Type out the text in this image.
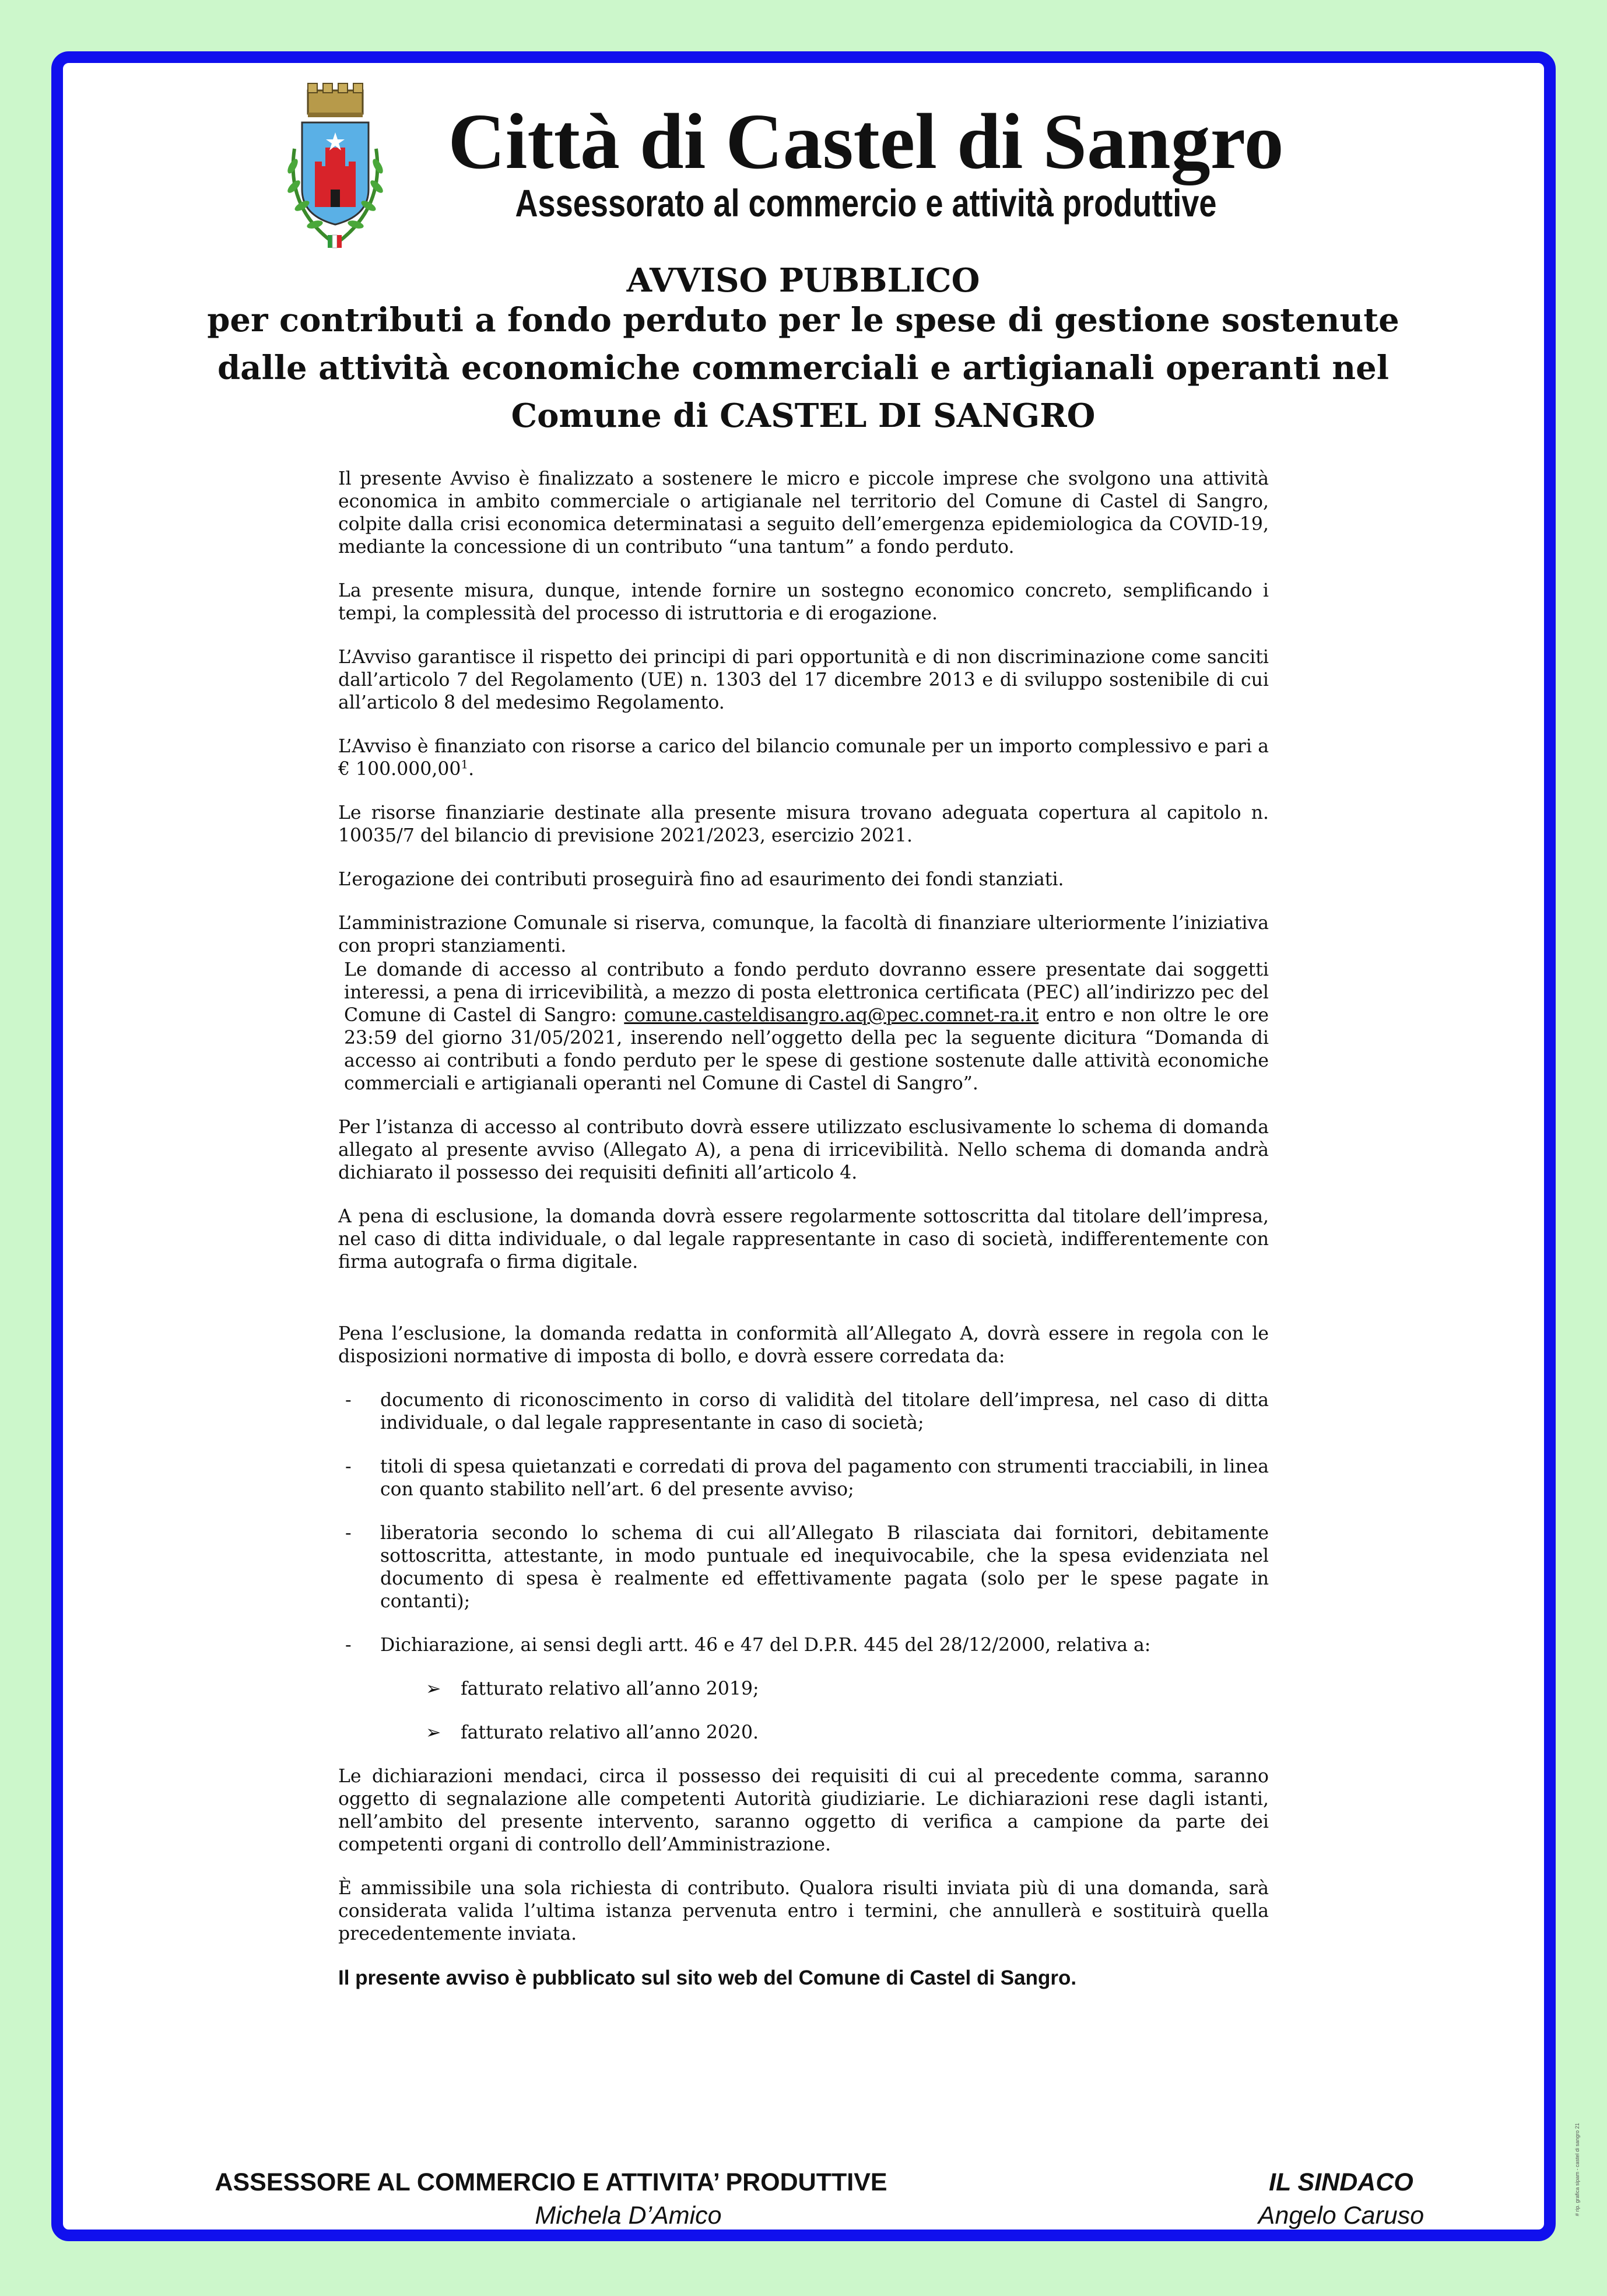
Città di Castel di Sangro
Assessorato al commercio e attività produttive
AVVISO PUBBLICO
per contributi a fondo perduto per le spese di gestione sostenute
dalle attività economiche commerciali e artigianali operanti nel
Comune di CASTEL DI SANGRO

Il presente Avviso è finalizzato a sostenere le micro e piccole imprese che svolgono una attività economica in ambito commerciale o artigianale nel territorio del Comune di Castel di Sangro, colpite dalla crisi economica determinatasi a seguito dell’emergenza epidemiologica da COVID-19, mediante la concessione di un contributo “una tantum” a fondo perduto.

La presente misura, dunque, intende fornire un sostegno economico concreto, semplificando i tempi, la complessità del processo di istruttoria e di erogazione.

L’Avviso garantisce il rispetto dei principi di pari opportunità e di non discriminazione come sanciti dall’articolo 7 del Regolamento (UE) n. 1303 del 17 dicembre 2013 e di sviluppo sostenibile di cui all’articolo 8 del medesimo Regolamento.

L’Avviso è finanziato con risorse a carico del bilancio comunale per un importo complessivo e pari a € 100.000,00$^1$.

Le risorse finanziarie destinate alla presente misura trovano adeguata copertura al capitolo n. 10035/7 del bilancio di previsione 2021/2023, esercizio 2021.

L’erogazione dei contributi proseguirà fino ad esaurimento dei fondi stanziati.

L’amministrazione Comunale si riserva, comunque, la facoltà di finanziare ulteriormente l’iniziativa con propri stanziamenti.

Le domande di accesso al contributo a fondo perduto dovranno essere presentate dai soggetti interessi, a pena di irricevibilità, a mezzo di posta elettronica certificata (PEC) all’indirizzo pec del Comune di Castel di Sangro: comune.casteldisangro.aq@pec.comnet-ra.it entro e non oltre le ore 23:59 del giorno 31/05/2021, inserendo nell’oggetto della pec la seguente dicitura “Domanda di accesso ai contributi a fondo perduto per le spese di gestione sostenute dalle attività economiche commerciali e artigianali operanti nel Comune di Castel di Sangro”.

Per l’istanza di accesso al contributo dovrà essere utilizzato esclusivamente lo schema di domanda allegato al presente avviso (Allegato A), a pena di irricevibilità. Nello schema di domanda andrà dichiarato il possesso dei requisiti definiti all’articolo 4.

A pena di esclusione, la domanda dovrà essere regolarmente sottoscritta dal titolare dell’impresa, nel caso di ditta individuale, o dal legale rappresentante in caso di società, indifferentemente con firma autografa o firma digitale.

Pena l’esclusione, la domanda redatta in conformità all’Allegato A, dovrà essere in regola con le disposizioni normative di imposta di bollo, e dovrà essere corredata da:

-	documento di riconoscimento in corso di validità del titolare dell’impresa, nel caso di ditta individuale, o dal legale rappresentante in caso di società;
-	titoli di spesa quietanzati e corredati di prova del pagamento con strumenti tracciabili, in linea con quanto stabilito nell’art. 6 del presente avviso;
-	liberatoria secondo lo schema di cui all’Allegato B rilasciata dai fornitori, debitamente sottoscritta, attestante, in modo puntuale ed inequivocabile, che la spesa evidenziata nel documento di spesa è realmente ed effettivamente pagata (solo per le spese pagate in contanti);
-	Dichiarazione, ai sensi degli artt. 46 e 47 del D.P.R. 445 del 28/12/2000, relativa a:
➢	fatturato relativo all’anno 2019;
➢	fatturato relativo all’anno 2020.

Le dichiarazioni mendaci, circa il possesso dei requisiti di cui al precedente comma, saranno oggetto di segnalazione alle competenti Autorità giudiziarie. Le dichiarazioni rese dagli istanti, nell’ambito del presente intervento, saranno oggetto di verifica a campione da parte dei competenti organi di controllo dell’Amministrazione.

È ammissibile una sola richiesta di contributo. Qualora risulti inviata più di una domanda, sarà considerata valida l’ultima istanza pervenuta entro i termini, che annullerà e sostituirà quella precedentemente inviata.

Il presente avviso è pubblicato sul sito web del Comune di Castel di Sangro.

ASSESSORE AL COMMERCIO E ATTIVITA’ PRODUTTIVE
Michela D’Amico
IL SINDACO
Angelo Caruso	# rip. grafica sipam - castel di sangro 21
